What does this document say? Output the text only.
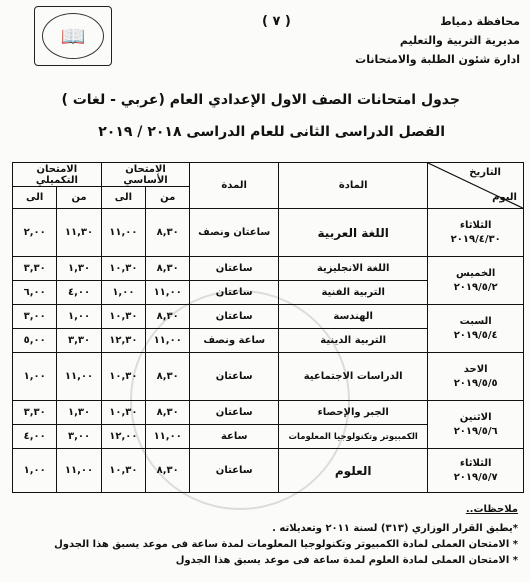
( ٧ )	محافظة دمياط
مديرية التربية والتعليم
ادارة شئون الطلبة والامتحانات
📖
جدول امتحانات الصف الاول الإعدادي العام (عربي - لغات )
الفصل الدراسى الثانى للعام الدراسى ٢٠١٨ / ٢٠١٩
التاريخ
اليوم	المادة	المدة	الامتحان الأساسي		الامتحان التكميلي	
			من	الى	من	الى

الثلاثاء
٢٠١٩/٤/٣٠	اللغة العربية	ساعتان ونصف	٨,٣٠	١١,٠٠	١١,٣٠	٢,٠٠

الخميس
٢٠١٩/٥/٢	اللغة الانجليزية	ساعتان	٨,٣٠	١٠,٣٠	١,٣٠	٣,٣٠
	التربية الفنية	ساعتان	١١,٠٠	١,٠٠	٤,٠٠	٦,٠٠

السبت
٢٠١٩/٥/٤	الهندسة	ساعتان	٨,٣٠	١٠,٣٠	١,٠٠	٣,٠٠
	التربية الدينية	ساعة ونصف	١١,٠٠	١٢,٣٠	٣,٣٠	٥,٠٠

الاحد
٢٠١٩/٥/٥	الدراسات الاجتماعية	ساعتان	٨,٣٠	١٠,٣٠	١١,٠٠	١,٠٠

الاثنين
٢٠١٩/٥/٦	الجبر والإحصاء	ساعتان	٨,٣٠	١٠,٣٠	١,٣٠	٣,٣٠
	الكمبيوتر وتكنولوجيا المعلومات	ساعة	١١,٠٠	١٢,٠٠	٣,٠٠	٤,٠٠

الثلاثاء
٢٠١٩/٥/٧	العلوم	ساعتان	٨,٣٠	١٠,٣٠	١١,٠٠	١,٠٠
ملاحظات..
*يطبق القرار الوزاري (٣١٣) لسنة ٢٠١١ وتعديلاته .
* الامتحان العملى لمادة الكمبيوتر وتكنولوجيا المعلومات لمدة ساعة فى موعد يسبق هذا الجدول
* الامتحان العملى لمادة العلوم لمدة ساعة فى موعد يسبق هذا الجدول
